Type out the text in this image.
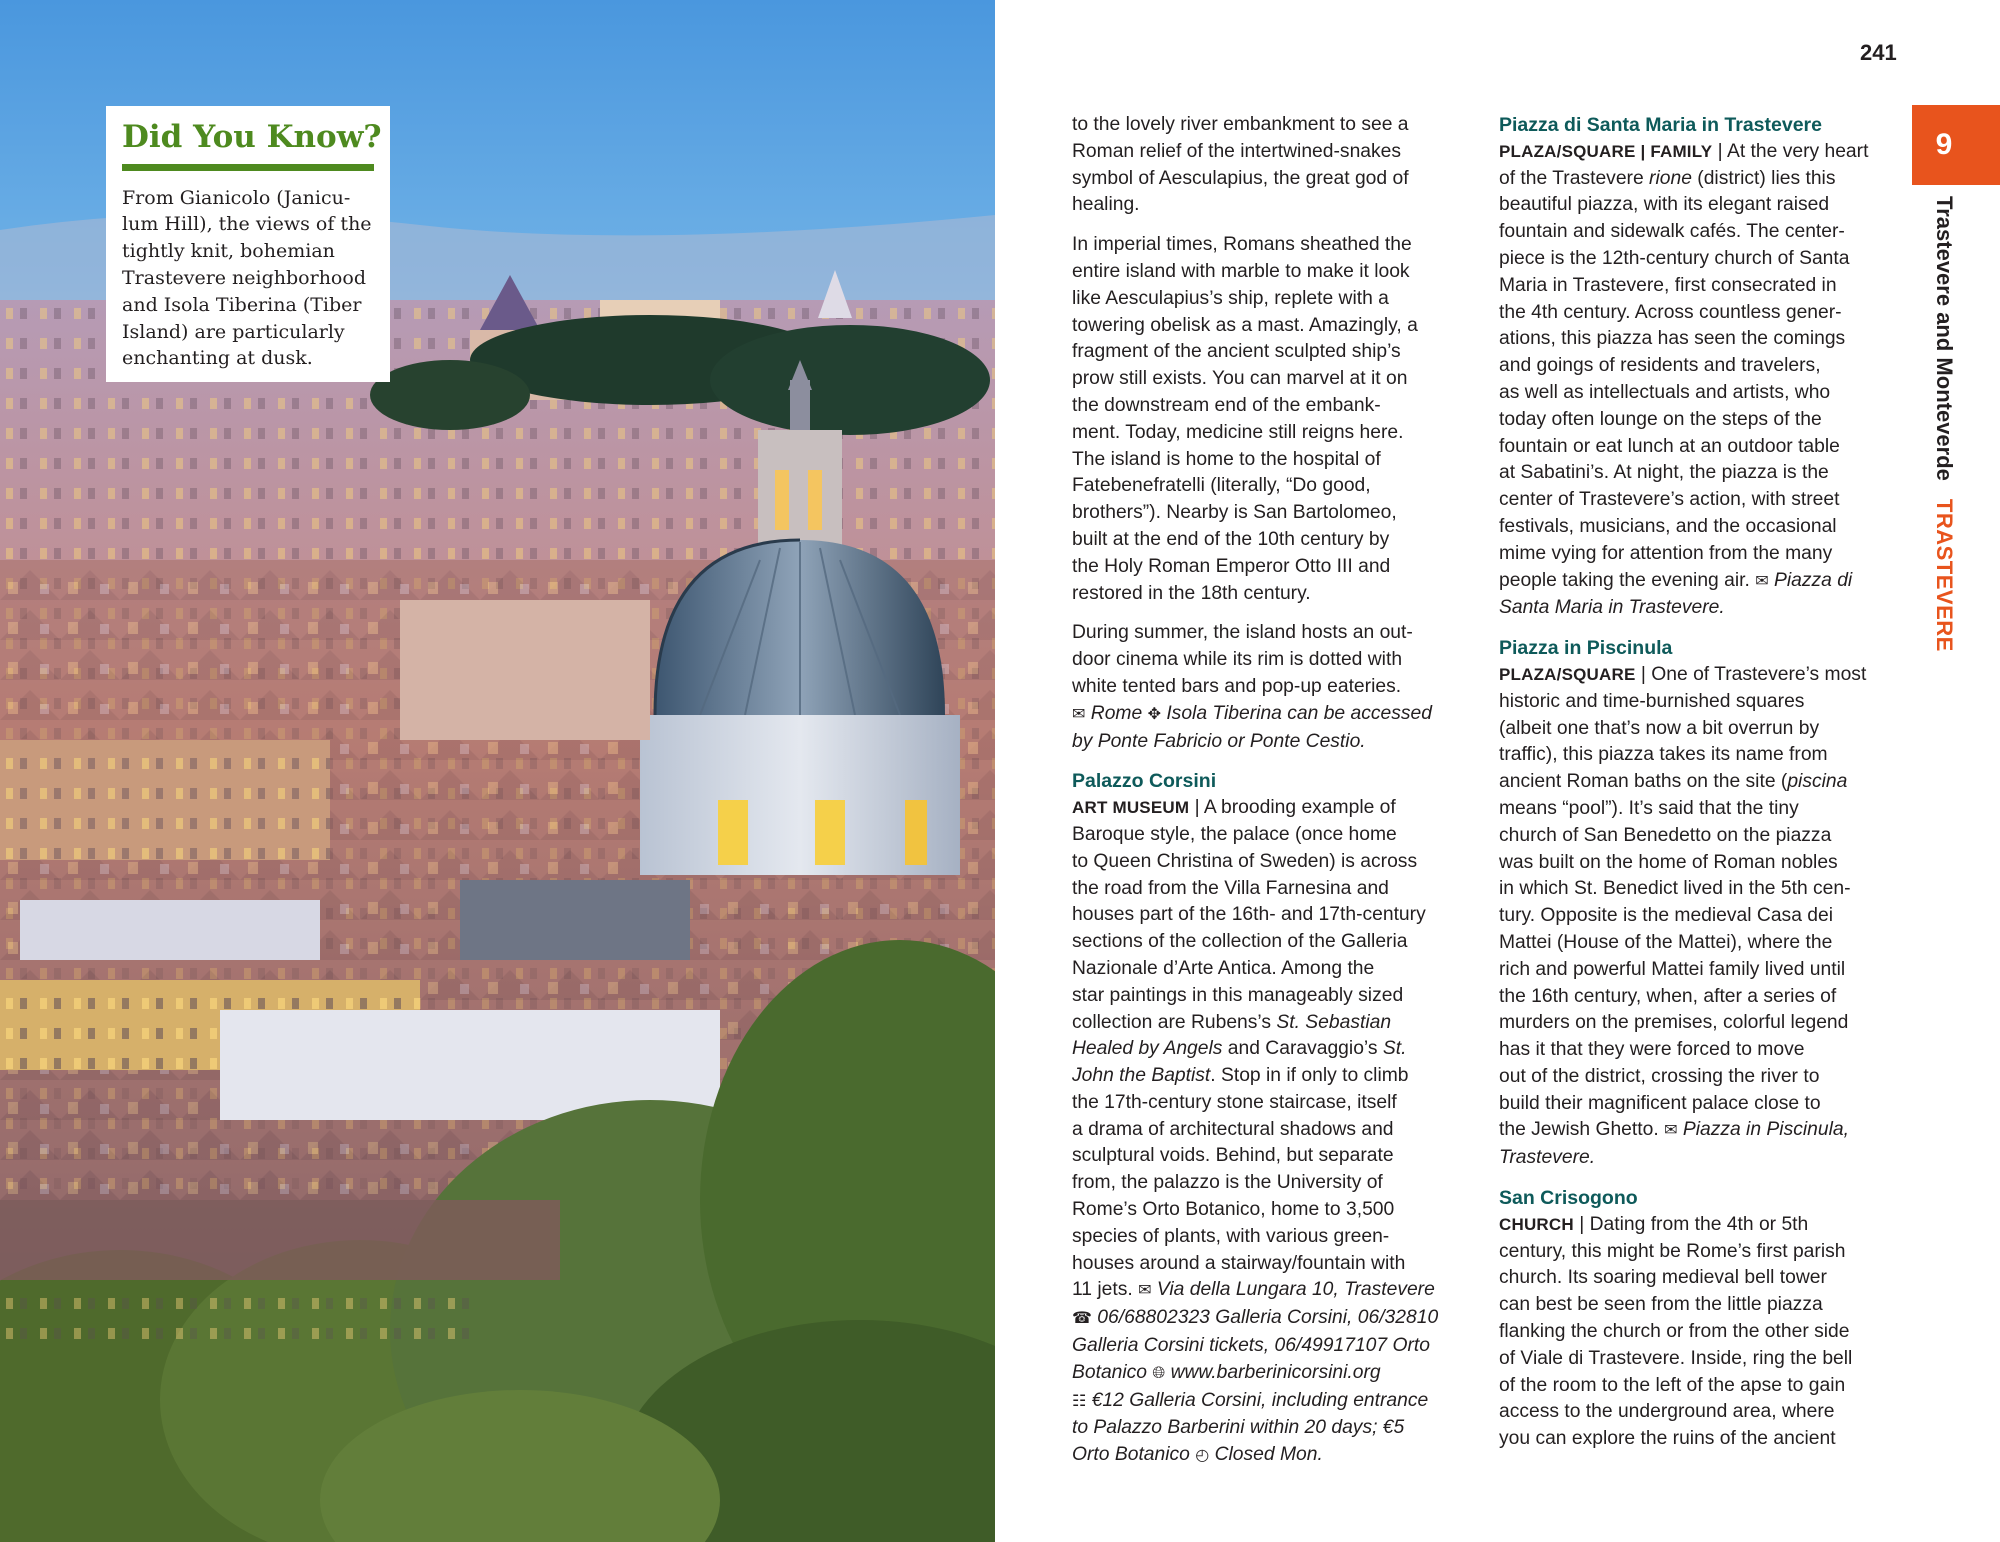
Did You Know?

From Gianicolo (Janicu-
lum Hill), the views of the
tightly knit, bohemian
Trastevere neighborhood
and Isola Tiberina (Tiber
Island) are particularly
enchanting at dusk.

241
9
Trastevere and MonteverdeTRASTEVERE

to the lovely river embankment to see a
Roman relief of the intertwined-snakes
symbol of Aesculapius, the great god of
healing.

In imperial times, Romans sheathed the
entire island with marble to make it look
like Aesculapius’s ship, replete with a
towering obelisk as a mast. Amazingly, a
fragment of the ancient sculpted ship’s
prow still exists. You can marvel at it on
the downstream end of the embank-
ment. Today, medicine still reigns here.
The island is home to the hospital of
Fatebenefratelli (literally, “Do good,
brothers”). Nearby is San Bartolomeo,
built at the end of the 10th century by
the Holy Roman Emperor Otto III and
restored in the 18th century.

During summer, the island hosts an out-
door cinema while its rim is dotted with
white tented bars and pop-up eateries.
✉ Rome ✥ Isola Tiberina can be accessed
by Ponte Fabricio or Ponte Cestio.

Palazzo Corsini

ART MUSEUM | A brooding example of
Baroque style, the palace (once home
to Queen Christina of Sweden) is across
the road from the Villa Farnesina and
houses part of the 16th- and 17th-century
sections of the collection of the Galleria
Nazionale d’Arte Antica. Among the
star paintings in this manageably sized
collection are Rubens’s St. Sebastian
Healed by Angels and Caravaggio’s St.
John the Baptist. Stop in if only to climb
the 17th-century stone staircase, itself
a drama of architectural shadows and
sculptural voids. Behind, but separate
from, the palazzo is the University of
Rome’s Orto Botanico, home to 3,500
species of plants, with various green-
houses around a stairway/fountain with
11 jets. ✉ Via della Lungara 10, Trastevere
☎ 06/68802323 Galleria Corsini, 06/32810
Galleria Corsini tickets, 06/49917107 Orto
Botanico 🌐︎ www.barberinicorsini.org
☷ €12 Galleria Corsini, including entrance
to Palazzo Barberini within 20 days; €5
Orto Botanico ◴ Closed Mon.

Piazza di Santa Maria in Trastevere

PLAZA/SQUARE | FAMILY | At the very heart
of the Trastevere rione (district) lies this
beautiful piazza, with its elegant raised
fountain and sidewalk cafés. The center-
piece is the 12th-century church of Santa
Maria in Trastevere, first consecrated in
the 4th century. Across countless gener-
ations, this piazza has seen the comings
and goings of residents and travelers,
as well as intellectuals and artists, who
today often lounge on the steps of the
fountain or eat lunch at an outdoor table
at Sabatini’s. At night, the piazza is the
center of Trastevere’s action, with street
festivals, musicians, and the occasional
mime vying for attention from the many
people taking the evening air. ✉ Piazza di
Santa Maria in Trastevere.

Piazza in Piscinula

PLAZA/SQUARE | One of Trastevere’s most
historic and time-burnished squares
(albeit one that’s now a bit overrun by
traffic), this piazza takes its name from
ancient Roman baths on the site (piscina
means “pool”). It’s said that the tiny
church of San Benedetto on the piazza
was built on the home of Roman nobles
in which St. Benedict lived in the 5th cen-
tury. Opposite is the medieval Casa dei
Mattei (House of the Mattei), where the
rich and powerful Mattei family lived until
the 16th century, when, after a series of
murders on the premises, colorful legend
has it that they were forced to move
out of the district, crossing the river to
build their magnificent palace close to
the Jewish Ghetto. ✉ Piazza in Piscinula,
Trastevere.

San Crisogono

CHURCH | Dating from the 4th or 5th
century, this might be Rome’s first parish
church. Its soaring medieval bell tower
can best be seen from the little piazza
flanking the church or from the other side
of Viale di Trastevere. Inside, ring the bell
of the room to the left of the apse to gain
access to the underground area, where
you can explore the ruins of the ancient
